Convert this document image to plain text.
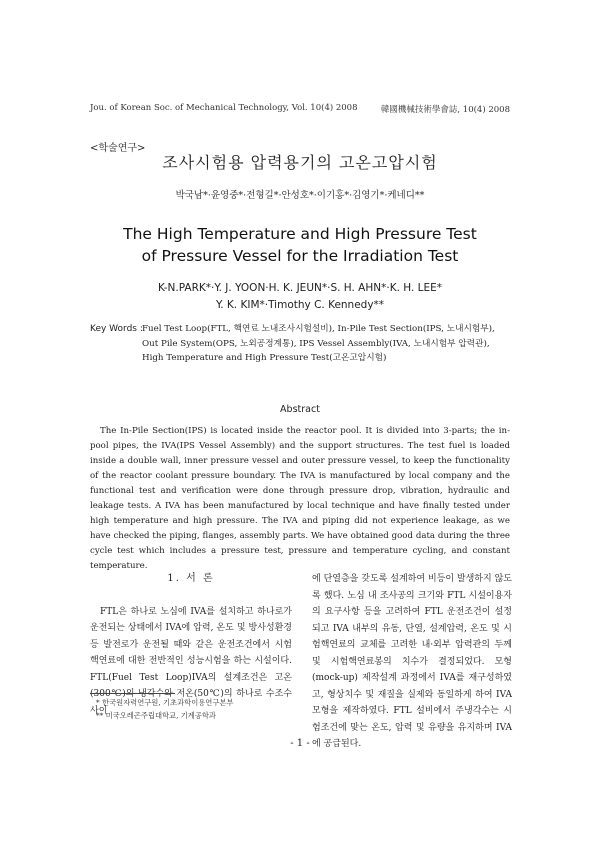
Jou. of Korean Soc. of Mechanical Technology, Vol. 10(4) 2008	韓國機械技術學會誌, 10(4) 2008
<학술연구>
조사시험용 압력용기의 고온고압시험
박국남*·윤영중*·전형길*·안성호*·이기홍*·김영기*·케네디**
The High Temperature and High Pressure Test
of Pressure Vessel for the Irradiation Test
K-N.PARK*·Y. J. YOON·H. K. JEUN*·S. H. AHN*·K. H. LEE*
Y. K. KIM*·Timothy C. Kennedy**
Key Words : Fuel Test Loop(FTL, 핵연료 노내조사시험설비), In-Pile Test Section(IPS, 노내시험부), Out Pile System(OPS, 노외공정계통), IPS Vessel Assembly(IVA, 노내시험부 압력관), High Temperature and High Pressure Test(고온고압시험)
Abstract

The In-Pile Section(IPS) is located inside the reactor pool. It is divided into 3-parts; the in-pool pipes, the IVA(IPS Vessel Assembly) and the support structures. The test fuel is loaded inside a double wall, inner pressure vessel and outer pressure vessel, to keep the functionality of the reactor coolant pressure boundary. The IVA is manufactured by local company and the functional test and verification were done through pressure drop, vibration, hydraulic and leakage tests. A IVA has been manufactured by local technique and have finally tested under high temperature and high pressure. The IVA and piping did not experience leakage, as we have checked the piping, flanges, assembly parts. We have obtained good data during the three cycle test which includes a pressure test, pressure and temperature cycling, and constant temperature.

1. 서 론

FTL은 하나로 노심에 IVA를 설치하고 하나로가 운전되는 상태에서 IVA에 압력, 온도 및 방사성환경 등 발전로가 운전될 때와 같은 운전조건에서 시험 핵연료에 대한 전반적인 성능시험을 하는 시설이다. FTL(Fuel Test Loop)IVA의 설계조건은 고온(300℃)의 냉각수와 저온(50℃)의 하나로 수조수 사이

에 단열층을 갖도록 설계하여 비등이 발생하지 않도록 했다. 노심 내 조사공의 크기와 FTL 시설이용자의 요구사항 등을 고려하여 FTL 운전조건이 설정되고 IVA 내부의 유동, 단열, 설계압력, 온도 및 시험핵연료의 교체를 고려한 내·외부 압력관의 두께 및 시험핵연료봉의 치수가 결정되었다. 모형(mock-up) 제작설계 과정에서 IVA를 재구성하였고, 형상치수 및 재질을 실제와 동일하게 하여 IVA 모형을 제작하였다. FTL 설비에서 주냉각수는 시험조건에 맞는 온도, 압력 및 유량을 유지하며 IVA에 공급된다.

* 한국원자력연구원, 기초과학이용연구본부
** 미국오레곤주립대학교, 기계공학과
- 1 -
